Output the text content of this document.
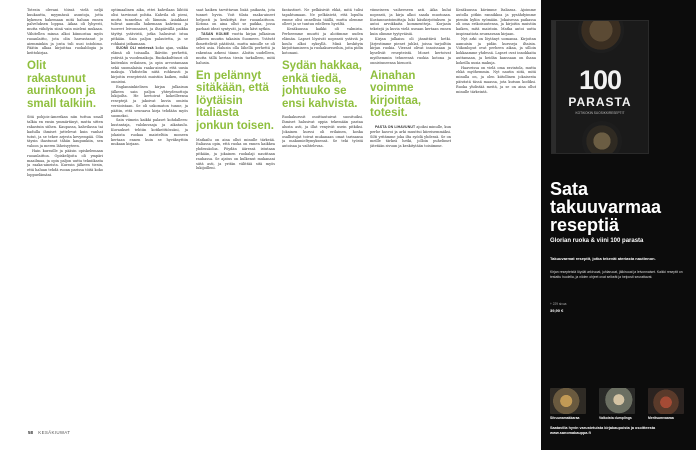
Totesin olevani töissä vielä neljä kuukautta, myymässä asuntoja, jotta kykenen hakemaan mitä haluan ennen palveluksen loppua. Aikaa oli lyhyesti, mutta viihdyin siinä vain mieleni mukaan. Vähitellen minua alkoi kiinnostaa myös ruoanlaitto, jota olin harrastanut jo aiemminkin ja josta tuli uusi intohimo. Päätin alkaa kirjoittaa ruokablogia ja keittokirjaa.

Olit rakastunut aurinkoon ja small talkiin.

Sitä pohjois-Amerikan niin tuttua small talkia en ensin ymmärtänyt, mutta sitten rakastuin siihen. Kaupassa, kahvilassa tai kadulla ihmiset juttelevat kuin vanhat tutut, ja se tekee arjesta kevyempää. Olin täysin ihastunut tähän kaupunkiin, sen valoon ja meren läheisyyteen.

Hain kurssille ja pääsin opiskelemaan ruoanlaittoa. Opiskelijoita oli ympäri maailmaa, ja opin paljon uutta tekniikasta ja raaka-aineista. Kurssin jälkeen tiesin, että haluan tehdä ruoan parissa töitä koko loppuelämäni.

optimaalinen aika, ettei kahvilaan lähtöä olisi tarvinnut pohtia. Kahvila oli pieni, mutta tunnelma oli lämmin. Asiakkaat tulivat aamulla hakemaan kahvinsa ja tuoreet leivonnaiset, ja iltapäivällä paikka täyttyi ystävistä, jotka halusivat istua pitkään. Sain paljon palautetta, ja se rohkaisi jatkamaan.

SUOMI OLI mielessä koko ajan, vaikka elämä oli toisaalla. Ikävöin perhettä, ystäviä ja vuodenaikoja. Ruokakulttuuri oli kuitenkin erilainen, ja opin arvostamaan sekä suomalaisia raaka-aineita että uusia makuja. Yhdistelin niitä rohkeasti ja kirjoitin resepteistä muistiin kaiken, mikä onnistui.

Englanninkielisen kirjan julkaisun jälkeen sain paljon yhteydenottoja lukijoilta. He kertoivat kokeilleensa reseptejä ja jakoivat kuvia omista versioistaan. Se oli uskomaton tunne, ja päätin, että seuraava kirja tehdään myös suomeksi.

Sain viimein kaikki palaset kohdalleen: kustantaja, valokuvaaja ja aikataulu. Kuvaukset tehtiin kotikeittiössäni, ja jokaista ruokaa maisteltiin moneen kertaan ennen kuin se hyväksyttiin mukaan kirjaan.

saat kaiken tarvittavan lisää paikasta, jota tunnet hyvin. Voit tilata raaka-aineet helposti ja keskittyä itse ruoanlaittoon. Kotona on aina ollut se paikka, jossa parhaat ideat syntyvät, ja niin kävi nytkin.

TASAN KOLME vuotta kirjan julkaisun jälkeen muutin takaisin Suomeen. Ystävät ihmettelivät päätöstä, mutta minulle se oli selvä asia. Halusin olla lähellä perhettä ja rakentaa arkeni tänne. Aloitin uudelleen, mutta tällä kertaa tiesin tarkalleen, mitä halusin.

En pelännyt sitäkään, että löytäisin Italiasta jonkun toisen.

Matkailu on aina ollut minulle tärkeää. Italiassa opin, että ruoka on ennen kaikkea yhdessäoloa. Pöydän ääressä istutaan pitkään, ja jokainen ruokalaji nautitaan rauhassa. Se ajatus on kulkenut mukanani siitä asti, ja yritän välittää sitä myös lukijoilleni.

fantastiset. Ne pelkäsivät ehkä, mitä tulisi tapahtumaan. Ne pelkäsivät, että lopulta emme olisi onnellisia täällä, mutta olemme olleet ja se tuntuu edelleen hyvältä.

Kesäkuussa kaikki oli valmista. Perheemme muutti ja aloitimme uuden elämän. Lapset löysivät nopeasti ystäviä ja koulu alkoi syksyllä. Minä keskityin kirjoittamiseen ja ruokakursseihin, joita pidin kotonani.

Sydän hakkaa, enkä tiedä, johtuuko se ensi kahvista.

Ruokakurssit osoittautuivat suosituiksi. Ihmiset halusivat oppia tekemään pastaa alusta asti, ja illat venyivät usein pitkiksi. Jokainen kurssi oli erilainen, koska osallistujat toivat mukanaan omat tarinansa ja makumieltymyksensä. Se teki työstä antoisaa ja vaihtelevaa.

viimeiseen vaiheeseen asti. Aika kului nopeasti, ja kirja alkoi saada muotoaan. Kustannustoimittaja luki käsikirjoituksen ja antoi arvokkaita kommentteja. Korjasin tekstejä ja kuvia vielä useaan kertaan ennen kuin olimme tyytyväisiä.

Kirjan julkaisu oli jännittävä hetki. Järjestimme pienet juhlat, joissa tarjoiltiin kirjan ruokia. Vieraat olivat innoissaan ja kyselivät resepteistä. Monet kertoivat myöhemmin tehneensä ruokia kotona ja onnistuneensa hienosti.

Ainahan voimme kirjoittaa, totesit.

PASTA ON LIHAVUNUT ajoiksi minulle, kun perhe kasvoi ja arki muuttui kiireisemmäksi. Silti yritämme joka ilta syödä yhdessä. Se on meille tärkeä hetki, jolloin puhelimet jätetään sivuun ja keskitytään toisiimme.

Kesäkuussa kävimme Italiassa. Ajoimme autolla pitkin rannikkoa ja pysähdyimme pieniin kyliin syömään. Jokaisessa paikassa oli oma erikoisuutensa, ja kirjoitin muistiin kaiken, mitä maistoin. Matka antoi uutta inspiraatiota seuraavaan kirjaan.

Nyt arki on löytänyt uomansa. Kirjoitan aamuisin ja pidän kursseja iltaisin. Viikonloput ovat perheen aikaa, ja silloin kokkaamme yhdessä. Lapset ovat innokkaita auttamaan, ja heidän kanssaan on ihana kokeilla uusia makuja.

Haaveissa on vielä oma ravintola, mutta ehkä myöhemmin. Nyt nautin siitä, mitä minulla on, ja olen kiitollinen jokaisesta päivästä tässä maassa, jota kutsun kodiksi. Ruoka yhdistää meitä, ja se on aina ollut minulle tärkeintä.

58 KESÄKIUWAT
100
PARASTA
KOTIKOKIN SUOSIKKIRESEPTIT
Sata takuuvarmaa reseptiä
Glorian ruoka & viini 100 parasta
Takuuvarmat reseptit, jotka tekevät ateriasta nautinnon.
Kirjan resepteistä löydät arkiruoat, juhlaruoat, jälkiruoat ja leivonnaiset. Kaikki reseptit on testattu huolella, ja niiden ohjeet ovat selkeät ja helposti seurattavat.
+ 229 sivua
39,90 €
Sitruunamakkaraa	Valkoista dumplings	Meritsumvaaraa
Saatavilla hyvin varustetuista kirjakaupoista ja osoitteesta www.sanomakauppa.fi
